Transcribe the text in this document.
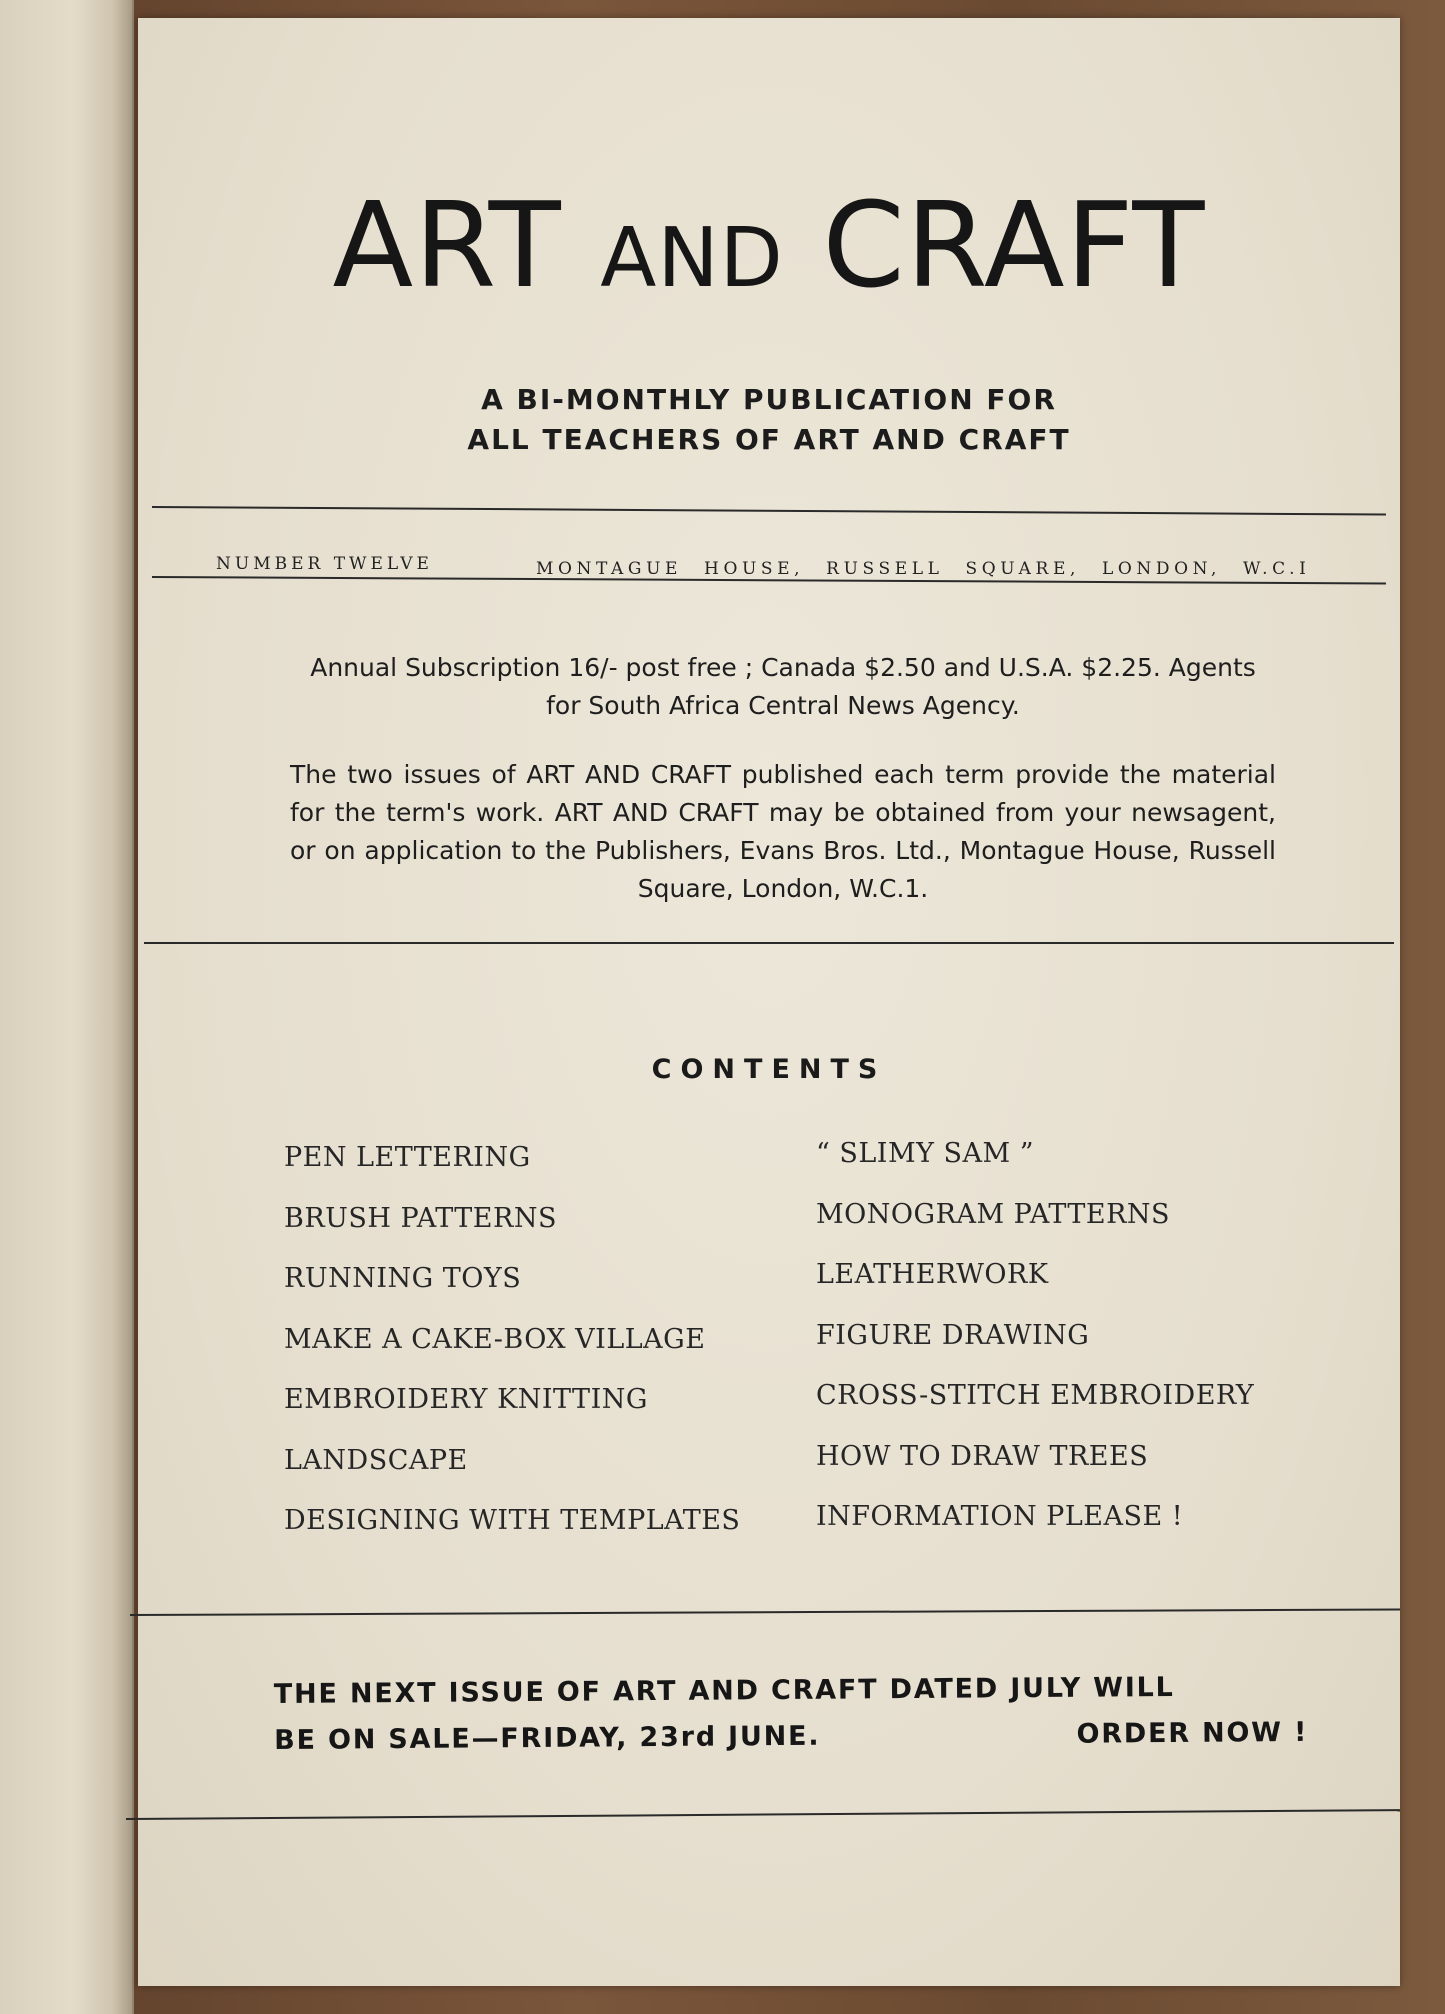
ART AND CRAFT
A BI-MONTHLY PUBLICATION FOR
ALL TEACHERS OF ART AND CRAFT
NUMBER TWELVE	MONTAGUE HOUSE, RUSSELL SQUARE, LONDON, W.C.I
Annual Subscription 16/- post free ; Canada $2.50 and U.S.A. $2.25. Agents
for South Africa Central News Agency.
The two issues of ART AND CRAFT published each term provide the material for the term's work. ART AND CRAFT may be obtained from your newsagent, or on application to the Publishers, Evans Bros. Ltd., Montague House, Russell Square, London, W.C.1.
CONTENTS
PEN LETTERING
BRUSH PATTERNS
RUNNING TOYS
MAKE A CAKE-BOX VILLAGE
EMBROIDERY KNITTING
LANDSCAPE
DESIGNING WITH TEMPLATES
“ SLIMY SAM ”
MONOGRAM PATTERNS
LEATHERWORK
FIGURE DRAWING
CROSS-STITCH EMBROIDERY
HOW TO DRAW TREES
INFORMATION PLEASE !
THE NEXT ISSUE OF ART AND CRAFT DATED JULY WILL
BE ON SALE—FRIDAY, 23rd JUNE.	ORDER NOW !
